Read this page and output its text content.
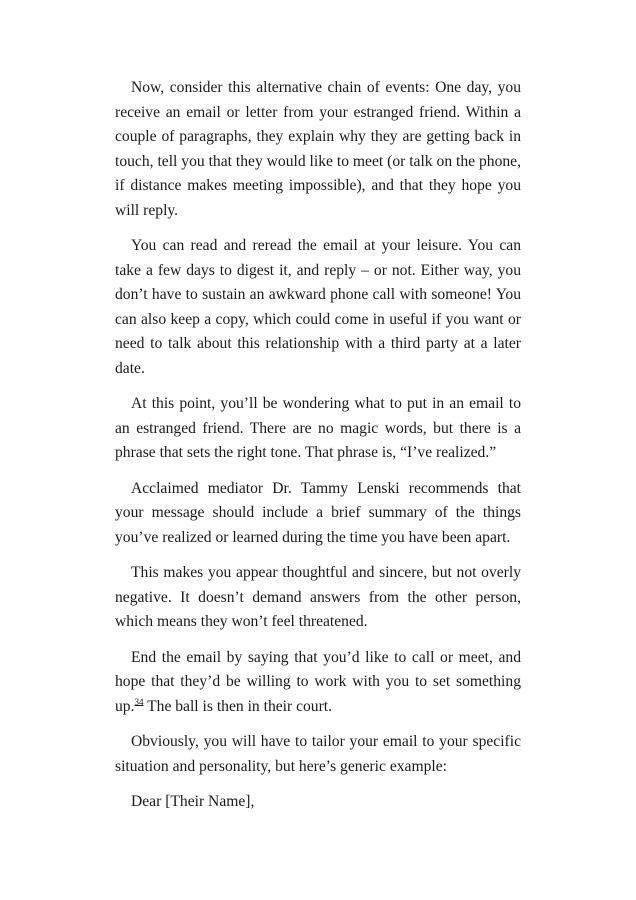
Now, consider this alternative chain of events: One day, you receive an email or letter from your estranged friend. Within a couple of paragraphs, they explain why they are getting back in touch, tell you that they would like to meet (or talk on the phone, if distance makes meeting impossible), and that they hope you will reply.

You can read and reread the email at your leisure. You can take a few days to digest it, and reply – or not. Either way, you don’t have to sustain an awkward phone call with someone! You can also keep a copy, which could come in useful if you want or need to talk about this relationship with a third party at a later date.

At this point, you’ll be wondering what to put in an email to an estranged friend. There are no magic words, but there is a phrase that sets the right tone. That phrase is, “I’ve realized.”

Acclaimed mediator Dr. Tammy Lenski recommends that your message should include a brief summary of the things you’ve realized or learned during the time you have been apart.

This makes you appear thoughtful and sincere, but not overly negative. It doesn’t demand answers from the other person, which means they won’t feel threatened.

End the email by saying that you’d like to call or meet, and hope that they’d be willing to work with you to set something up.$^{34}$ The ball is then in their court.

Obviously, you will have to tailor your email to your specific situation and personality, but here’s generic example:

Dear [Their Name],
